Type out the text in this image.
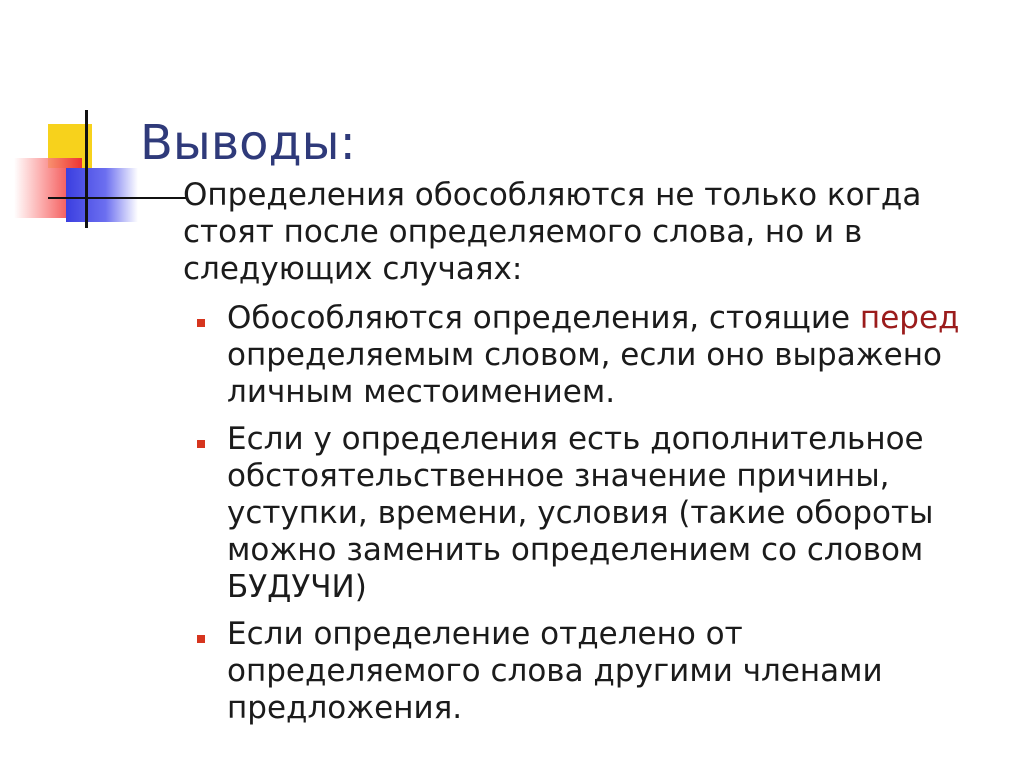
Выводы:

Определения обособляются не только когда стоят после определяемого слова, но и в следующих случаях:

Обособляются определения, стоящие перед определяемым словом, если оно выражено личным местоимением.
Если у определения есть дополнительное обстоятельственное значение причины, уступки, времени, условия (такие обороты можно заменить определением со словом БУДУЧИ)
Если определение отделено от определяемого слова другими членами предложения.
